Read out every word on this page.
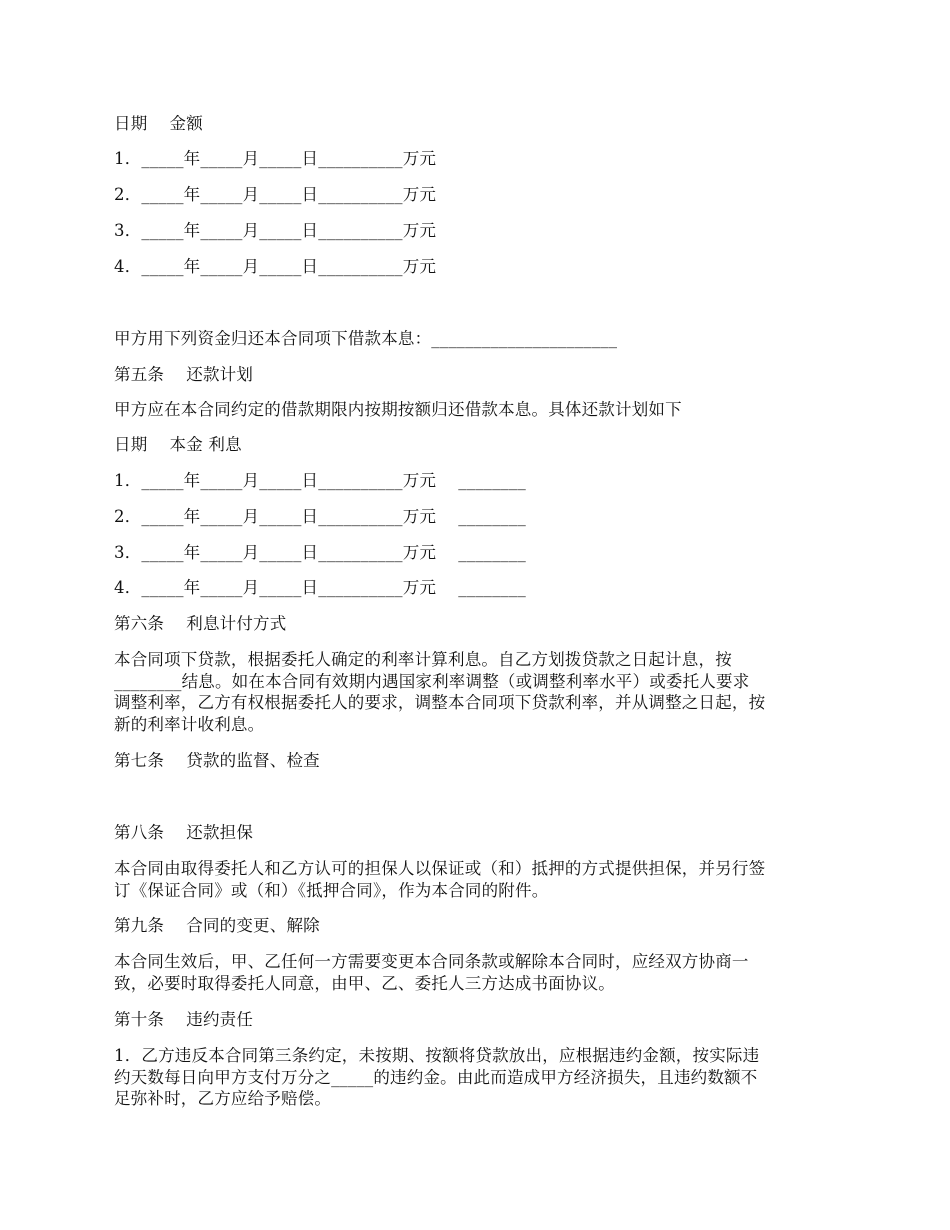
日期　 金额
1．_____年_____月_____日__________万元
2．_____年_____月_____日__________万元
3．_____年_____月_____日__________万元
4．_____年_____月_____日__________万元
甲方用下列资金归还本合同项下借款本息：______________________
第五条　 还款计划
甲方应在本合同约定的借款期限内按期按额归还借款本息。具体还款计划如下
日期　 本金 利息
1．_____年_____月_____日__________万元　 ________
2．_____年_____月_____日__________万元　 ________
3．_____年_____月_____日__________万元　 ________
4．_____年_____月_____日__________万元　 ________
第六条　 利息计付方式
本合同项下贷款，根据委托人确定的利率计算利息。自乙方划拨贷款之日起计息，按
________结息。如在本合同有效期内遇国家利率调整（或调整利率水平）或委托人要求
调整利率，乙方有权根据委托人的要求，调整本合同项下贷款利率，并从调整之日起，按
新的利率计收利息。
第七条　 贷款的监督、检查
第八条　 还款担保
本合同由取得委托人和乙方认可的担保人以保证或（和）抵押的方式提供担保，并另行签
订《保证合同》或（和）《抵押合同》，作为本合同的附件。
第九条　 合同的变更、解除
本合同生效后，甲、乙任何一方需要变更本合同条款或解除本合同时，应经双方协商一
致，必要时取得委托人同意，由甲、乙、委托人三方达成书面协议。
第十条　 违约责任
1．乙方违反本合同第三条约定，未按期、按额将贷款放出，应根据违约金额，按实际违
约天数每日向甲方支付万分之_____的违约金。由此而造成甲方经济损失，且违约数额不
足弥补时，乙方应给予赔偿。
